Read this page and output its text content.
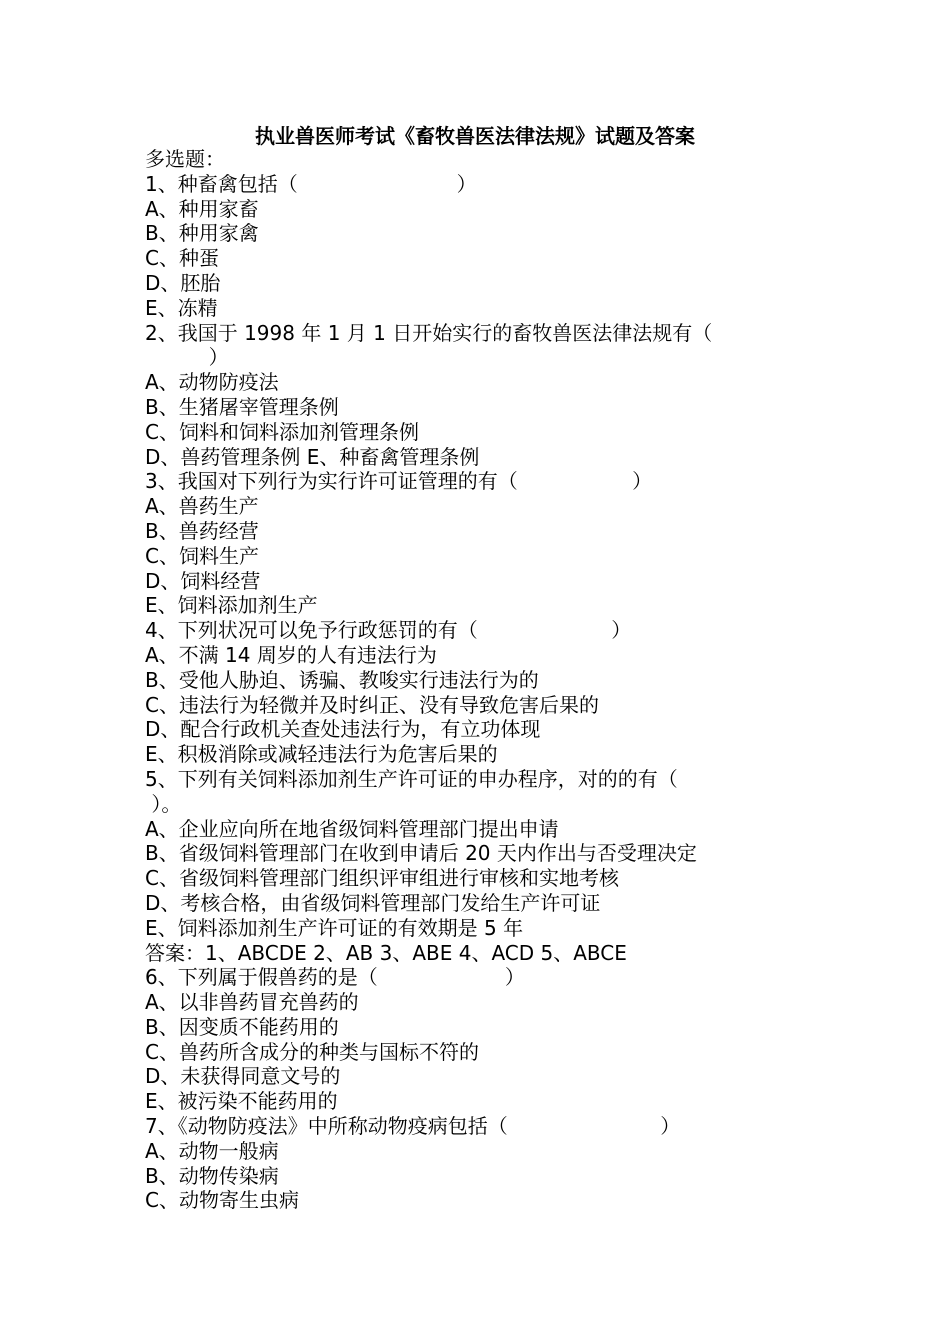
执业兽医师考试《畜牧兽医法律法规》试题及答案
多选题：
1、种畜禽包括（                         ）
A、种用家畜
B、种用家禽
C、种蛋
D、胚胎
E、冻精
2、我国于 1998 年 1 月 1 日开始实行的畜牧兽医法律法规有（
）
A、动物防疫法
B、生猪屠宰管理条例
C、饲料和饲料添加剂管理条例
D、兽药管理条例 E、种畜禽管理条例
3、我国对下列行为实行许可证管理的有（                  ）
A、兽药生产
B、兽药经营
C、饲料生产
D、饲料经营
E、饲料添加剂生产
4、下列状况可以免予行政惩罚的有（                     ）
A、不满 14 周岁的人有违法行为
B、受他人胁迫、诱骗、教唆实行违法行为的
C、违法行为轻微并及时纠正、没有导致危害后果的
D、配合行政机关查处违法行为，有立功体现
E、积极消除或减轻违法行为危害后果的
5、下列有关饲料添加剂生产许可证的申办程序，对的的有（
）。
A、企业应向所在地省级饲料管理部门提出申请
B、省级饲料管理部门在收到申请后 20 天内作出与否受理决定
C、省级饲料管理部门组织评审组进行审核和实地考核
D、考核合格，由省级饲料管理部门发给生产许可证
E、饲料添加剂生产许可证的有效期是 5 年
答案：1、ABCDE 2、AB 3、ABE 4、ACD 5、ABCE
6、下列属于假兽药的是（                    ）
A、以非兽药冒充兽药的
B、因变质不能药用的
C、兽药所含成分的种类与国标不符的
D、未获得同意文号的
E、被污染不能药用的
7、《动物防疫法》中所称动物疫病包括（                        ）
A、动物一般病
B、动物传染病
C、动物寄生虫病
